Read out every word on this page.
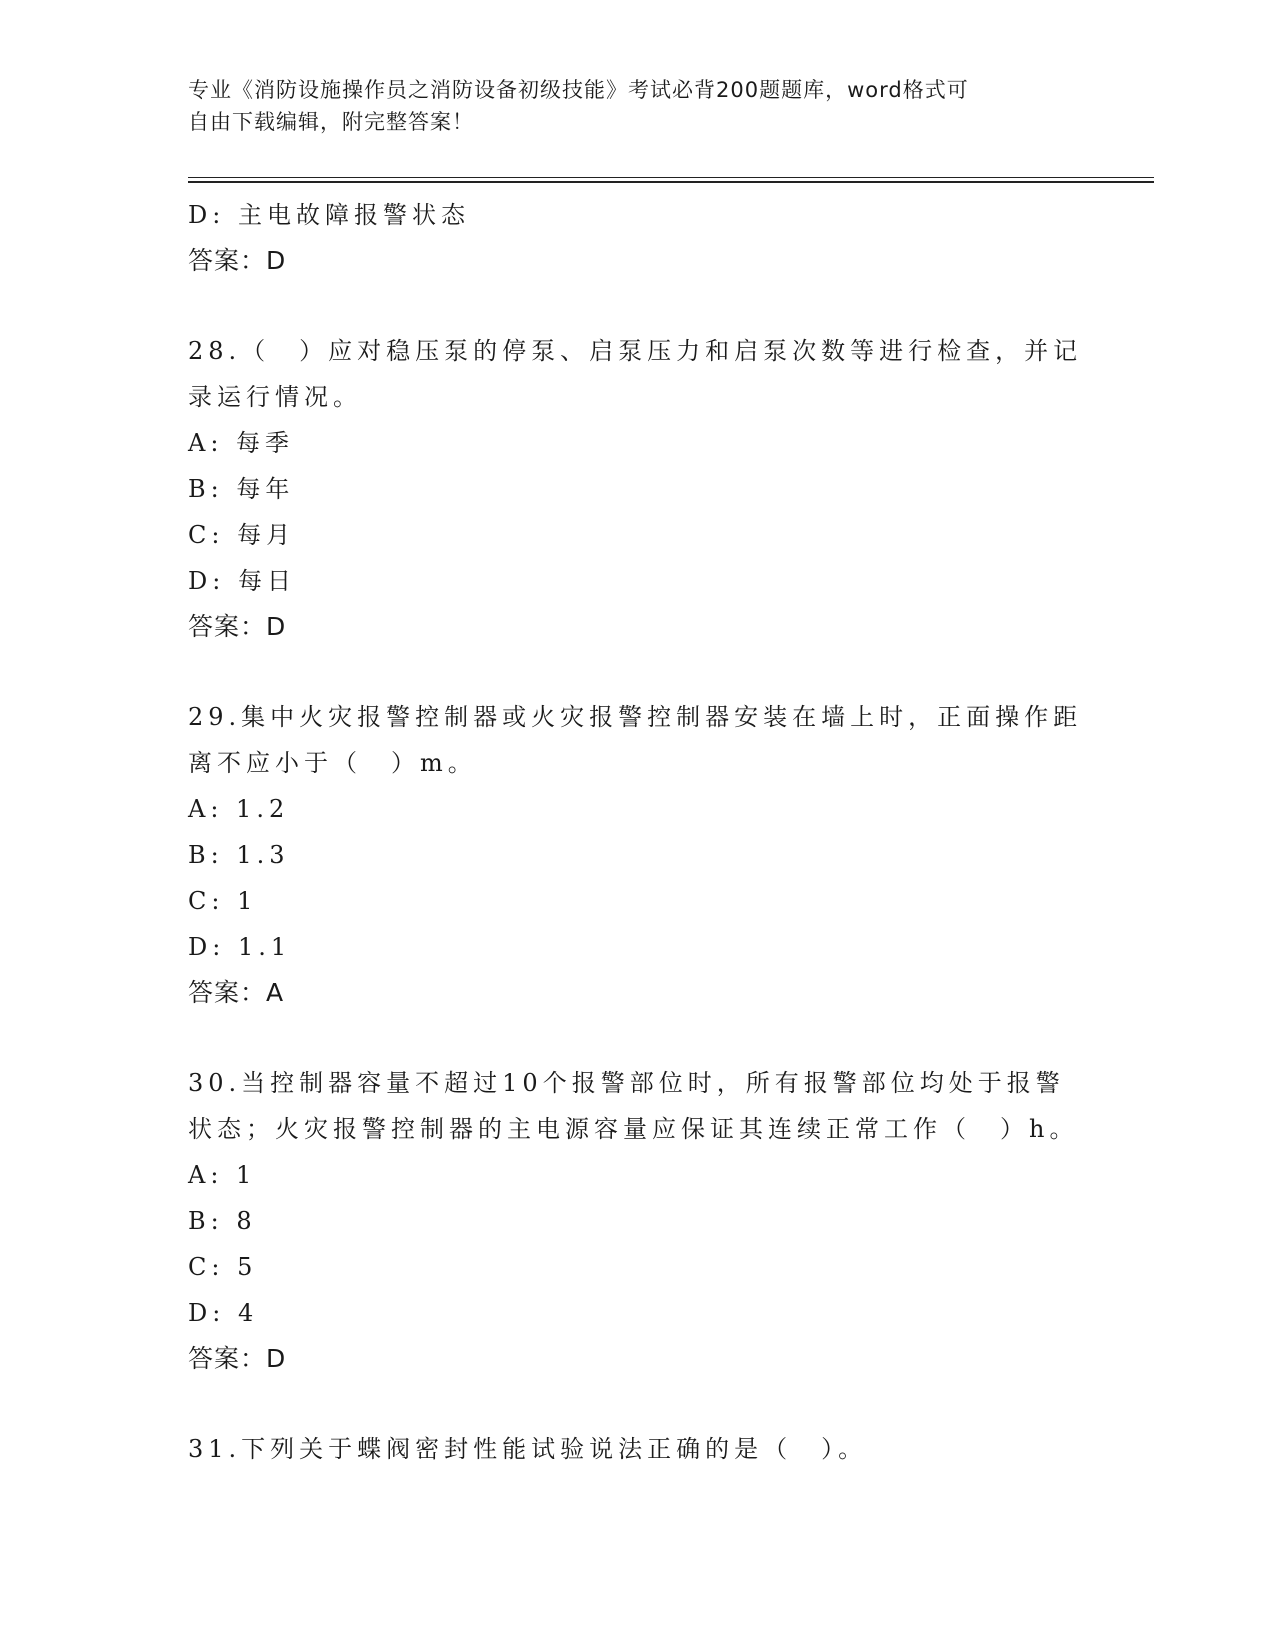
专业《消防设施操作员之消防设备初级技能》考试必背200题题库，word格式可
自由下载编辑，附完整答案！
D: 主电故障报警状态
答案：D
28.（　）应对稳压泵的停泵、启泵压力和启泵次数等进行检查，并记
录运行情况。
A: 每季
B: 每年
C: 每月
D: 每日
答案：D
29.集中火灾报警控制器或火灾报警控制器安装在墙上时，正面操作距
离不应小于（　）m。
A: 1.2
B: 1.3
C: 1
D: 1.1
答案：A
30.当控制器容量不超过10个报警部位时，所有报警部位均处于报警
状态；火灾报警控制器的主电源容量应保证其连续正常工作（　）h。
A: 1
B: 8
C: 5
D: 4
答案：D
31.下列关于蝶阀密封性能试验说法正确的是（　）。
